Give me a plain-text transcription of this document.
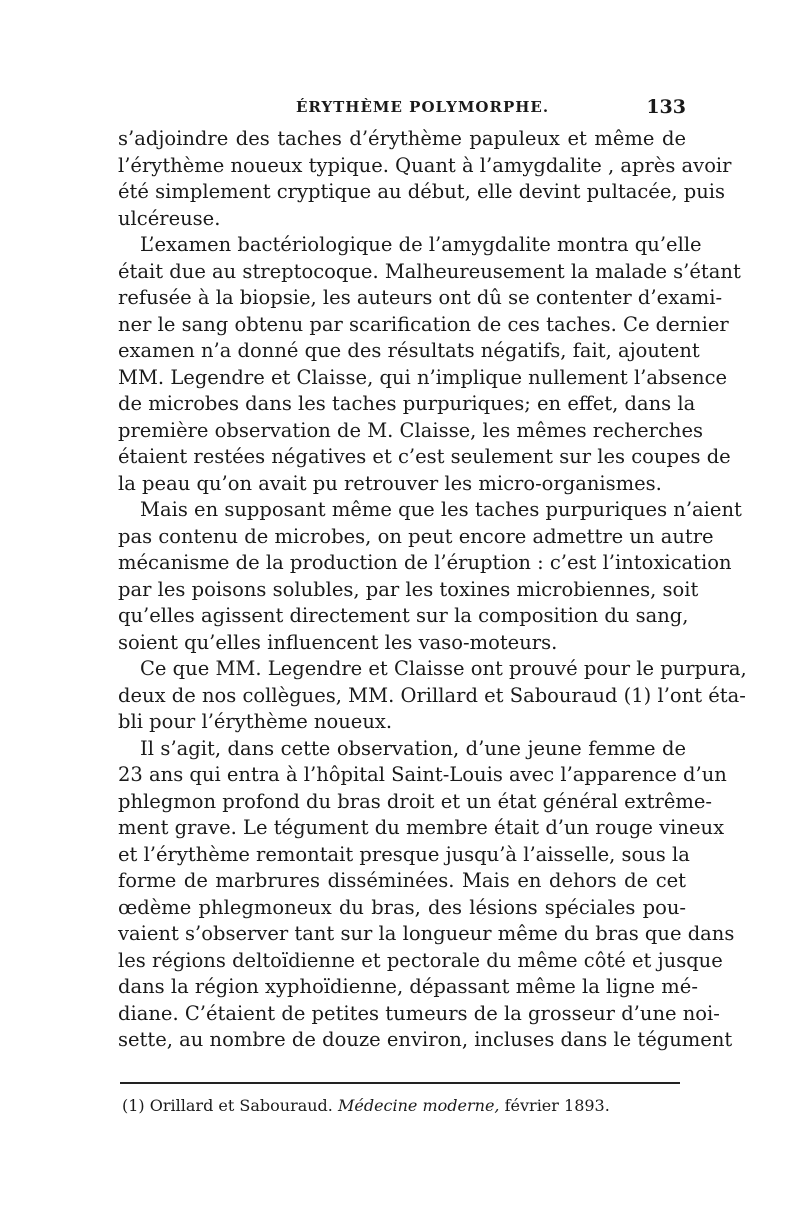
ÉRYTHÈME POLYMORPHE.	133
s’adjoindre des taches d’érythème papuleux et même de
l’érythème noueux typique. Quant à l’amygdalite , après avoir
été simplement cryptique au début, elle devint pultacée, puis
ulcéreuse.
L’examen bactériologique de l’amygdalite montra qu’elle
était due au streptocoque. Malheureusement la malade s’étant
refusée à la biopsie, les auteurs ont dû se contenter d’exami-
ner le sang obtenu par scarification de ces taches. Ce dernier
examen n’a donné que des résultats négatifs, fait, ajoutent
MM. Legendre et Claisse, qui n’implique nullement l’absence
de microbes dans les taches purpuriques; en effet, dans la
première observation de M. Claisse, les mêmes recherches
étaient restées négatives et c’est seulement sur les coupes de
la peau qu’on avait pu retrouver les micro-organismes.
Mais en supposant même que les taches purpuriques n’aient
pas contenu de microbes, on peut encore admettre un autre
mécanisme de la production de l’éruption : c’est l’intoxication
par les poisons solubles, par les toxines microbiennes, soit
qu’elles agissent directement sur la composition du sang,
soient qu’elles influencent les vaso-moteurs.
Ce que MM. Legendre et Claisse ont prouvé pour le purpura,
deux de nos collègues, MM. Orillard et Sabouraud (1) l’ont éta-
bli pour l’érythème noueux.
Il s’agit, dans cette observation, d’une jeune femme de
23 ans qui entra à l’hôpital Saint-Louis avec l’apparence d’un
phlegmon profond du bras droit et un état général extrême-
ment grave. Le tégument du membre était d’un rouge vineux
et l’érythème remontait presque jusqu’à l’aisselle, sous la
forme de marbrures disséminées. Mais en dehors de cet
œdème phlegmoneux du bras, des lésions spéciales pou-
vaient s’observer tant sur la longueur même du bras que dans
les régions deltoïdienne et pectorale du même côté et jusque
dans la région xyphoïdienne, dépassant même la ligne mé-
diane. C’étaient de petites tumeurs de la grosseur d’une noi-
sette, au nombre de douze environ, incluses dans le tégument
(1) Orillard et Sabouraud. Médecine moderne, février 1893.
